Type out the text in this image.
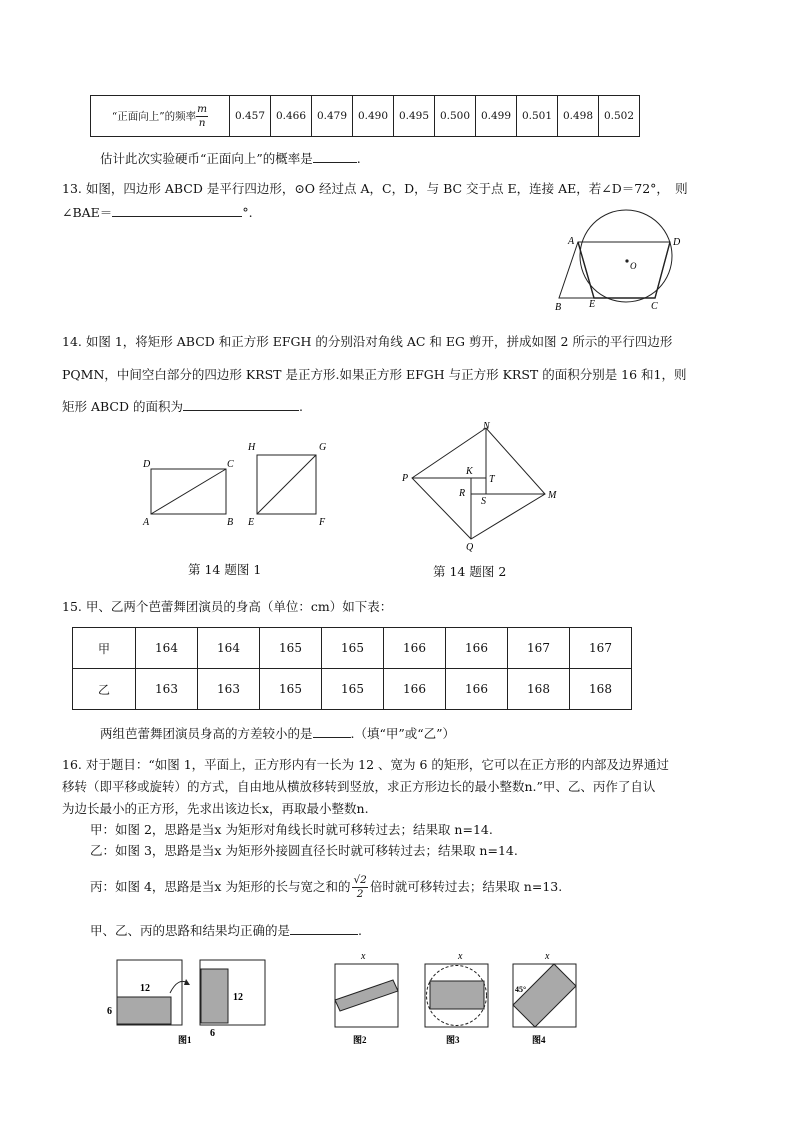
“正面向上”的频率 $\frac{m}{n}$	0.457	0.466	0.479	0.490	0.495	0.500	0.499	0.501	0.498	0.502
估计此次实验硬币“正面向上”的概率是	.
13. 如图，四边形 ABCD 是平行四边形，⊙O 经过点 A，C，D，与 BC 交于点 E，连接 AE，若∠D＝72°，　则
∠BAE＝	°.
A	D
B	E	C
O
14. 如图 1，将矩形 ABCD 和正方形 EFGH 的分别沿对角线 AC 和 EG 剪开，拼成如图 2 所示的平行四边形
PQMN，中间空白部分的四边形 KRST 是正方形.如果正方形 EFGH 与正方形 KRST 的面积分别是 16 和1，则
矩形 ABCD 的面积为	.
D	C
A	B
H	G
E	F
P
N
M
Q
K
T
R
S
第 14 题图 1	第 14 题图 2
15. 甲、乙两个芭蕾舞团演员的身高（单位：cm）如下表：
甲	164	164	165	165	166	166	167	167
乙	163	163	165	165	166	166	168	168
两组芭蕾舞团演员身高的方差较小的是	.（填“甲”或“乙”）
16. 对于题目：“如图 1，平面上，正方形内有一长为 12 、宽为 6 的矩形，它可以在正方形的内部及边界通过
移转（即平移或旋转）的方式，自由地从横放移转到竖放，求正方形边长的最小整数n.”甲、乙、丙作了自认
为边长最小的正方形，先求出该边长x，再取最小整数n.
甲：如图 2，思路是当x 为矩形对角线长时就可移转过去；结果取 n=14.
乙：如图 3，思路是当x 为矩形外接圆直径长时就可移转过去；结果取 n=14.
丙：如图 4，思路是当x 为矩形的长与宽之和的 $\frac{√2}{2}$ 倍时就可移转过去；结果取 n=13.
甲、乙、丙的思路和结果均正确的是	.
12
6
12
6
图1
x
图2
x
图3
x
45°
图4
